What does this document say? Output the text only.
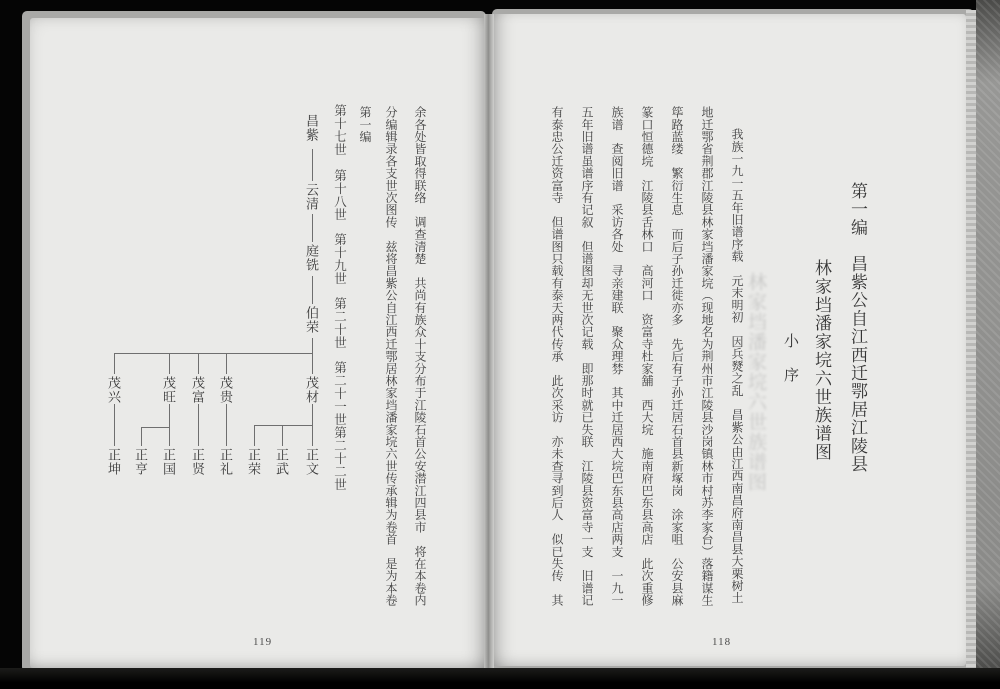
第一编　昌紫公自江西迁鄂居江陵县
林家垱潘家垸六世族谱图
小　序
林家垱潘家垸六世族谱图
我族一九一五年旧谱序载　元末明初　因兵燹之乱　昌紫公由江西南昌府南昌县大栗树土
地迁鄂省荆郡江陵县林家垱潘家垸（现地名为荆州市江陵县沙岗镇林市村苏李家台）落籍谋生
筚路蓝缕　繁衍生息　而后子孙迁徙亦多　先后有子孙迁居石首县新塚岗　涂家咀　公安县麻
篆口恒德垸　江陵县舌林口　高河口　资富寺杜家舖　西大垸　施南府巴东县高店　此次重修
族谱　查阅旧谱　采访各处　寻亲建联　聚众理棼　其中迁居西大垸巴东县高店两支　一九一
五年旧谱虽谱序有记叙　但谱图却无世次记载　即那时就已失联　江陵县资富寺一支　旧谱记
有泰忠公迁资富寺　但谱图只载有泰天两代传承　此次采访　亦未查寻到后人　似已失传　其
118
余各处皆取得联络　调查清楚　共尚有族众十支分布于江陵石首公安潜江四县市　将在本卷内
分编辑录各支世次图传　兹将昌紫公自江西迁鄂居林家垱潘家垸六世传承辑为卷首　是为本卷
第一编
第十七世
第十八世
第十九世
第二十世
第二十一世
第二十二世
昌紫
云清
庭铣
伯荣
茂材
茂贵
茂富
茂旺
茂兴
正文
正武
正荣
正礼
正贤
正国
正亨
正坤
119
